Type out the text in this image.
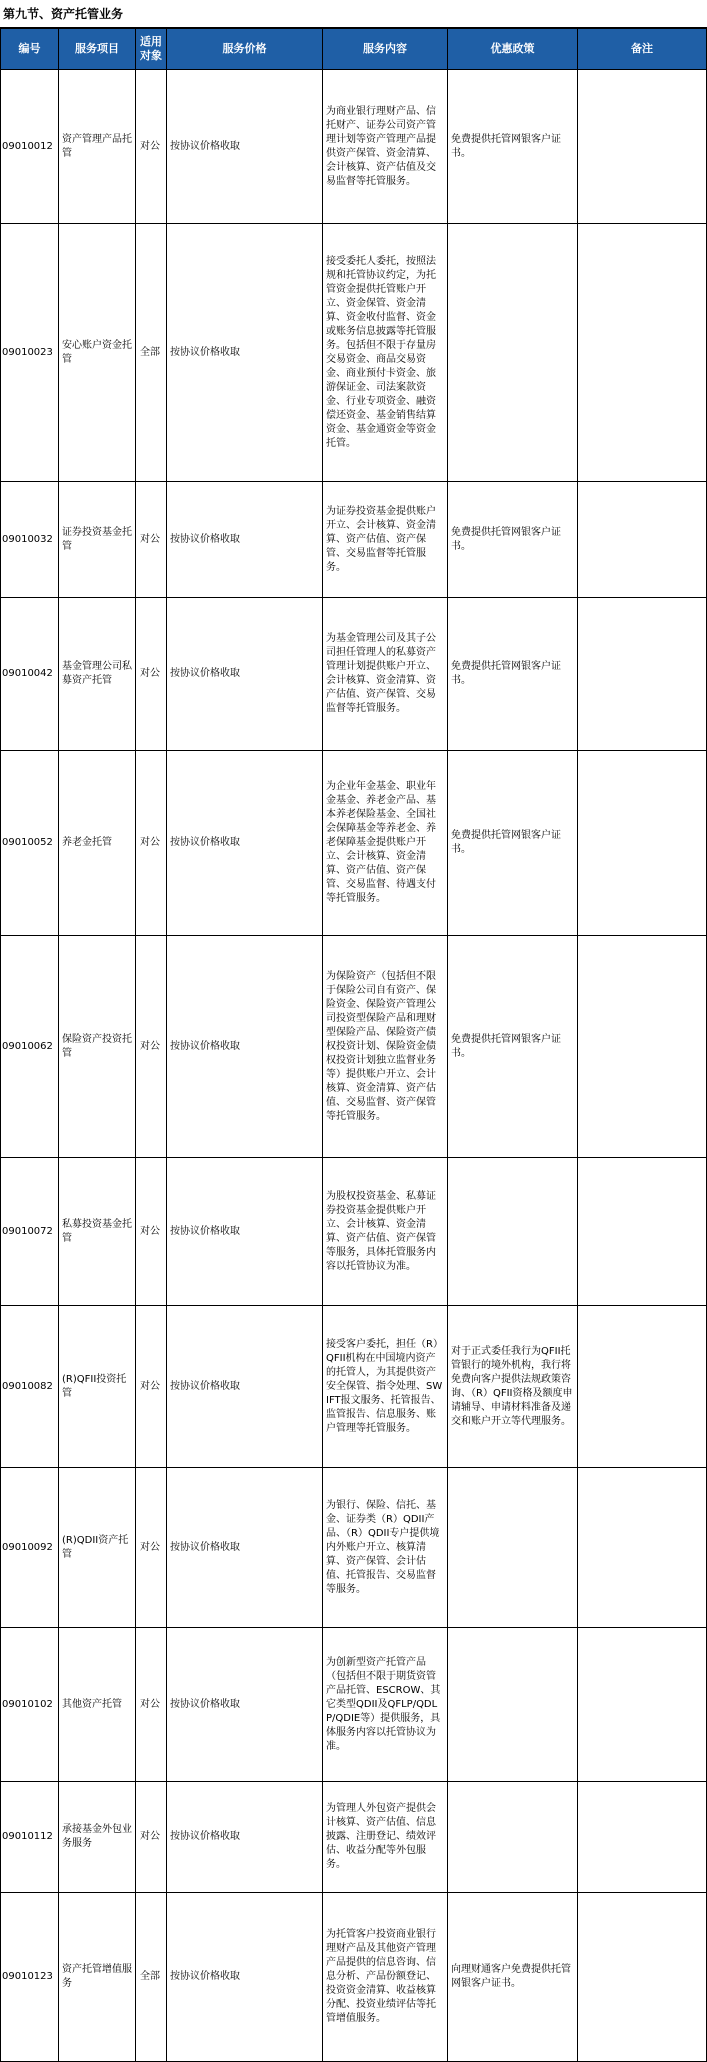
第九节、资产托管业务
编号	服务项目	适用对象	服务价格	服务内容	优惠政策	备注
09010012	资产管理产品托管	对公	按协议价格收取	为商业银行理财产品、信托财产、证券公司资产管理计划等资产管理产品提供资产保管、资金清算、会计核算、资产估值及交易监督等托管服务。	免费提供托管网银客户证书。	
09010023	安心账户资金托管	全部	按协议价格收取	接受委托人委托，按照法规和托管协议约定，为托管资金提供托管账户开立、资金保管、资金清算、资金收付监督、资金或账务信息披露等托管服务。包括但不限于存量房交易资金、商品交易资金、商业预付卡资金、旅游保证金、司法案款资金、行业专项资金、融资偿还资金、基金销售结算资金、基金通资金等资金托管。		
09010032	证券投资基金托管	对公	按协议价格收取	为证券投资基金提供账户开立、会计核算、资金清算、资产估值、资产保管、交易监督等托管服务。	免费提供托管网银客户证书。	
09010042	基金管理公司私募资产托管	对公	按协议价格收取	为基金管理公司及其子公司担任管理人的私募资产管理计划提供账户开立、会计核算、资金清算、资产估值、资产保管、交易监督等托管服务。	免费提供托管网银客户证书。	
09010052	养老金托管	对公	按协议价格收取	为企业年金基金、职业年金基金、养老金产品、基本养老保险基金、全国社会保障基金等养老金、养老保障基金提供账户开立、会计核算、资金清算、资产估值、资产保管、交易监督、待遇支付等托管服务。	免费提供托管网银客户证书。	
09010062	保险资产投资托管	对公	按协议价格收取	为保险资产（包括但不限于保险公司自有资产、保险资金、保险资产管理公司投资型保险产品和理财型保险产品、保险资产债权投资计划、保险资金债权投资计划独立监督业务等）提供账户开立、会计核算、资金清算、资产估值、交易监督、资产保管等托管服务。	免费提供托管网银客户证书。	
09010072	私募投资基金托管	对公	按协议价格收取	为股权投资基金、私募证券投资基金提供账户开立、会计核算、资金清算、资产估值、资产保管等服务，具体托管服务内容以托管协议为准。		
09010082	(R)QFII投资托管	对公	按协议价格收取	接受客户委托，担任（R）QFII机构在中国境内资产的托管人，为其提供资产安全保管、指令处理、SWIFT报文服务、托管报告、监管报告、信息服务、账户管理等托管服务。	对于正式委任我行为QFII托管银行的境外机构，我行将免费向客户提供法规政策咨询、（R）QFII资格及额度申请辅导、申请材料准备及递交和账户开立等代理服务。	
09010092	(R)QDII资产托管	对公	按协议价格收取	为银行、保险、信托、基金、证券类（R）QDII产品、（R）QDII专户提供境内外账户开立、核算清算、资产保管、会计估值、托管报告、交易监督等服务。		
09010102	其他资产托管	对公	按协议价格收取	为创新型资产托管产品（包括但不限于期货资管产品托管、ESCROW、其它类型QDII及QFLP/QDLP/QDIE等）提供服务，具体服务内容以托管协议为准。		
09010112	承接基金外包业务服务	对公	按协议价格收取	为管理人外包资产提供会计核算、资产估值、信息披露、注册登记、绩效评估、收益分配等外包服务。		
09010123	资产托管增值服务	全部	按协议价格收取	为托管客户投资商业银行理财产品及其他资产管理产品提供的信息咨询、信息分析、产品份额登记、投资资金清算、收益核算分配、投资业绩评估等托管增值服务。	向理财通客户免费提供托管网银客户证书。	
